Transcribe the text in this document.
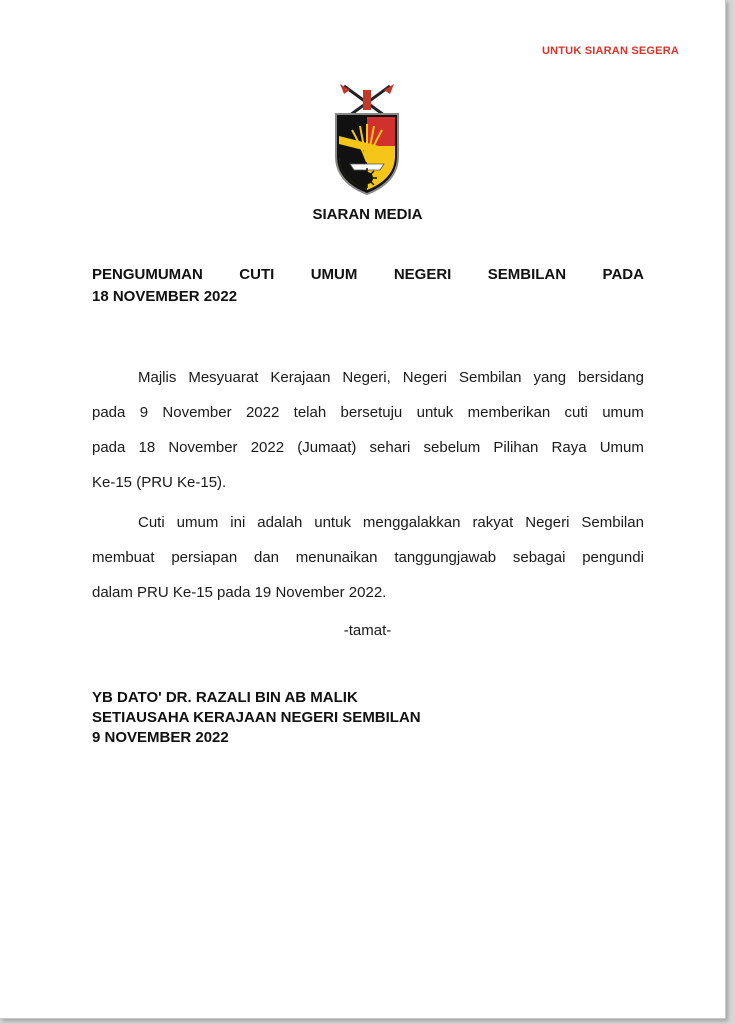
UNTUK SIARAN SEGERA
SIARAN MEDIA
PENGUMUMAN CUTI UMUM NEGERI SEMBILAN PADA
18 NOVEMBER 2022
Majlis Mesyuarat Kerajaan Negeri, Negeri Sembilan yang bersidang
pada 9 November 2022 telah bersetuju untuk memberikan cuti umum
pada 18 November 2022 (Jumaat) sehari sebelum Pilihan Raya Umum
Ke-15 (PRU Ke-15).
Cuti umum ini adalah untuk menggalakkan rakyat Negeri Sembilan
membuat persiapan dan menunaikan tanggungjawab sebagai pengundi
dalam PRU Ke-15 pada 19 November 2022.
-tamat-
YB DATO' DR. RAZALI BIN AB MALIK
SETIAUSAHA KERAJAAN NEGERI SEMBILAN
9 NOVEMBER 2022
